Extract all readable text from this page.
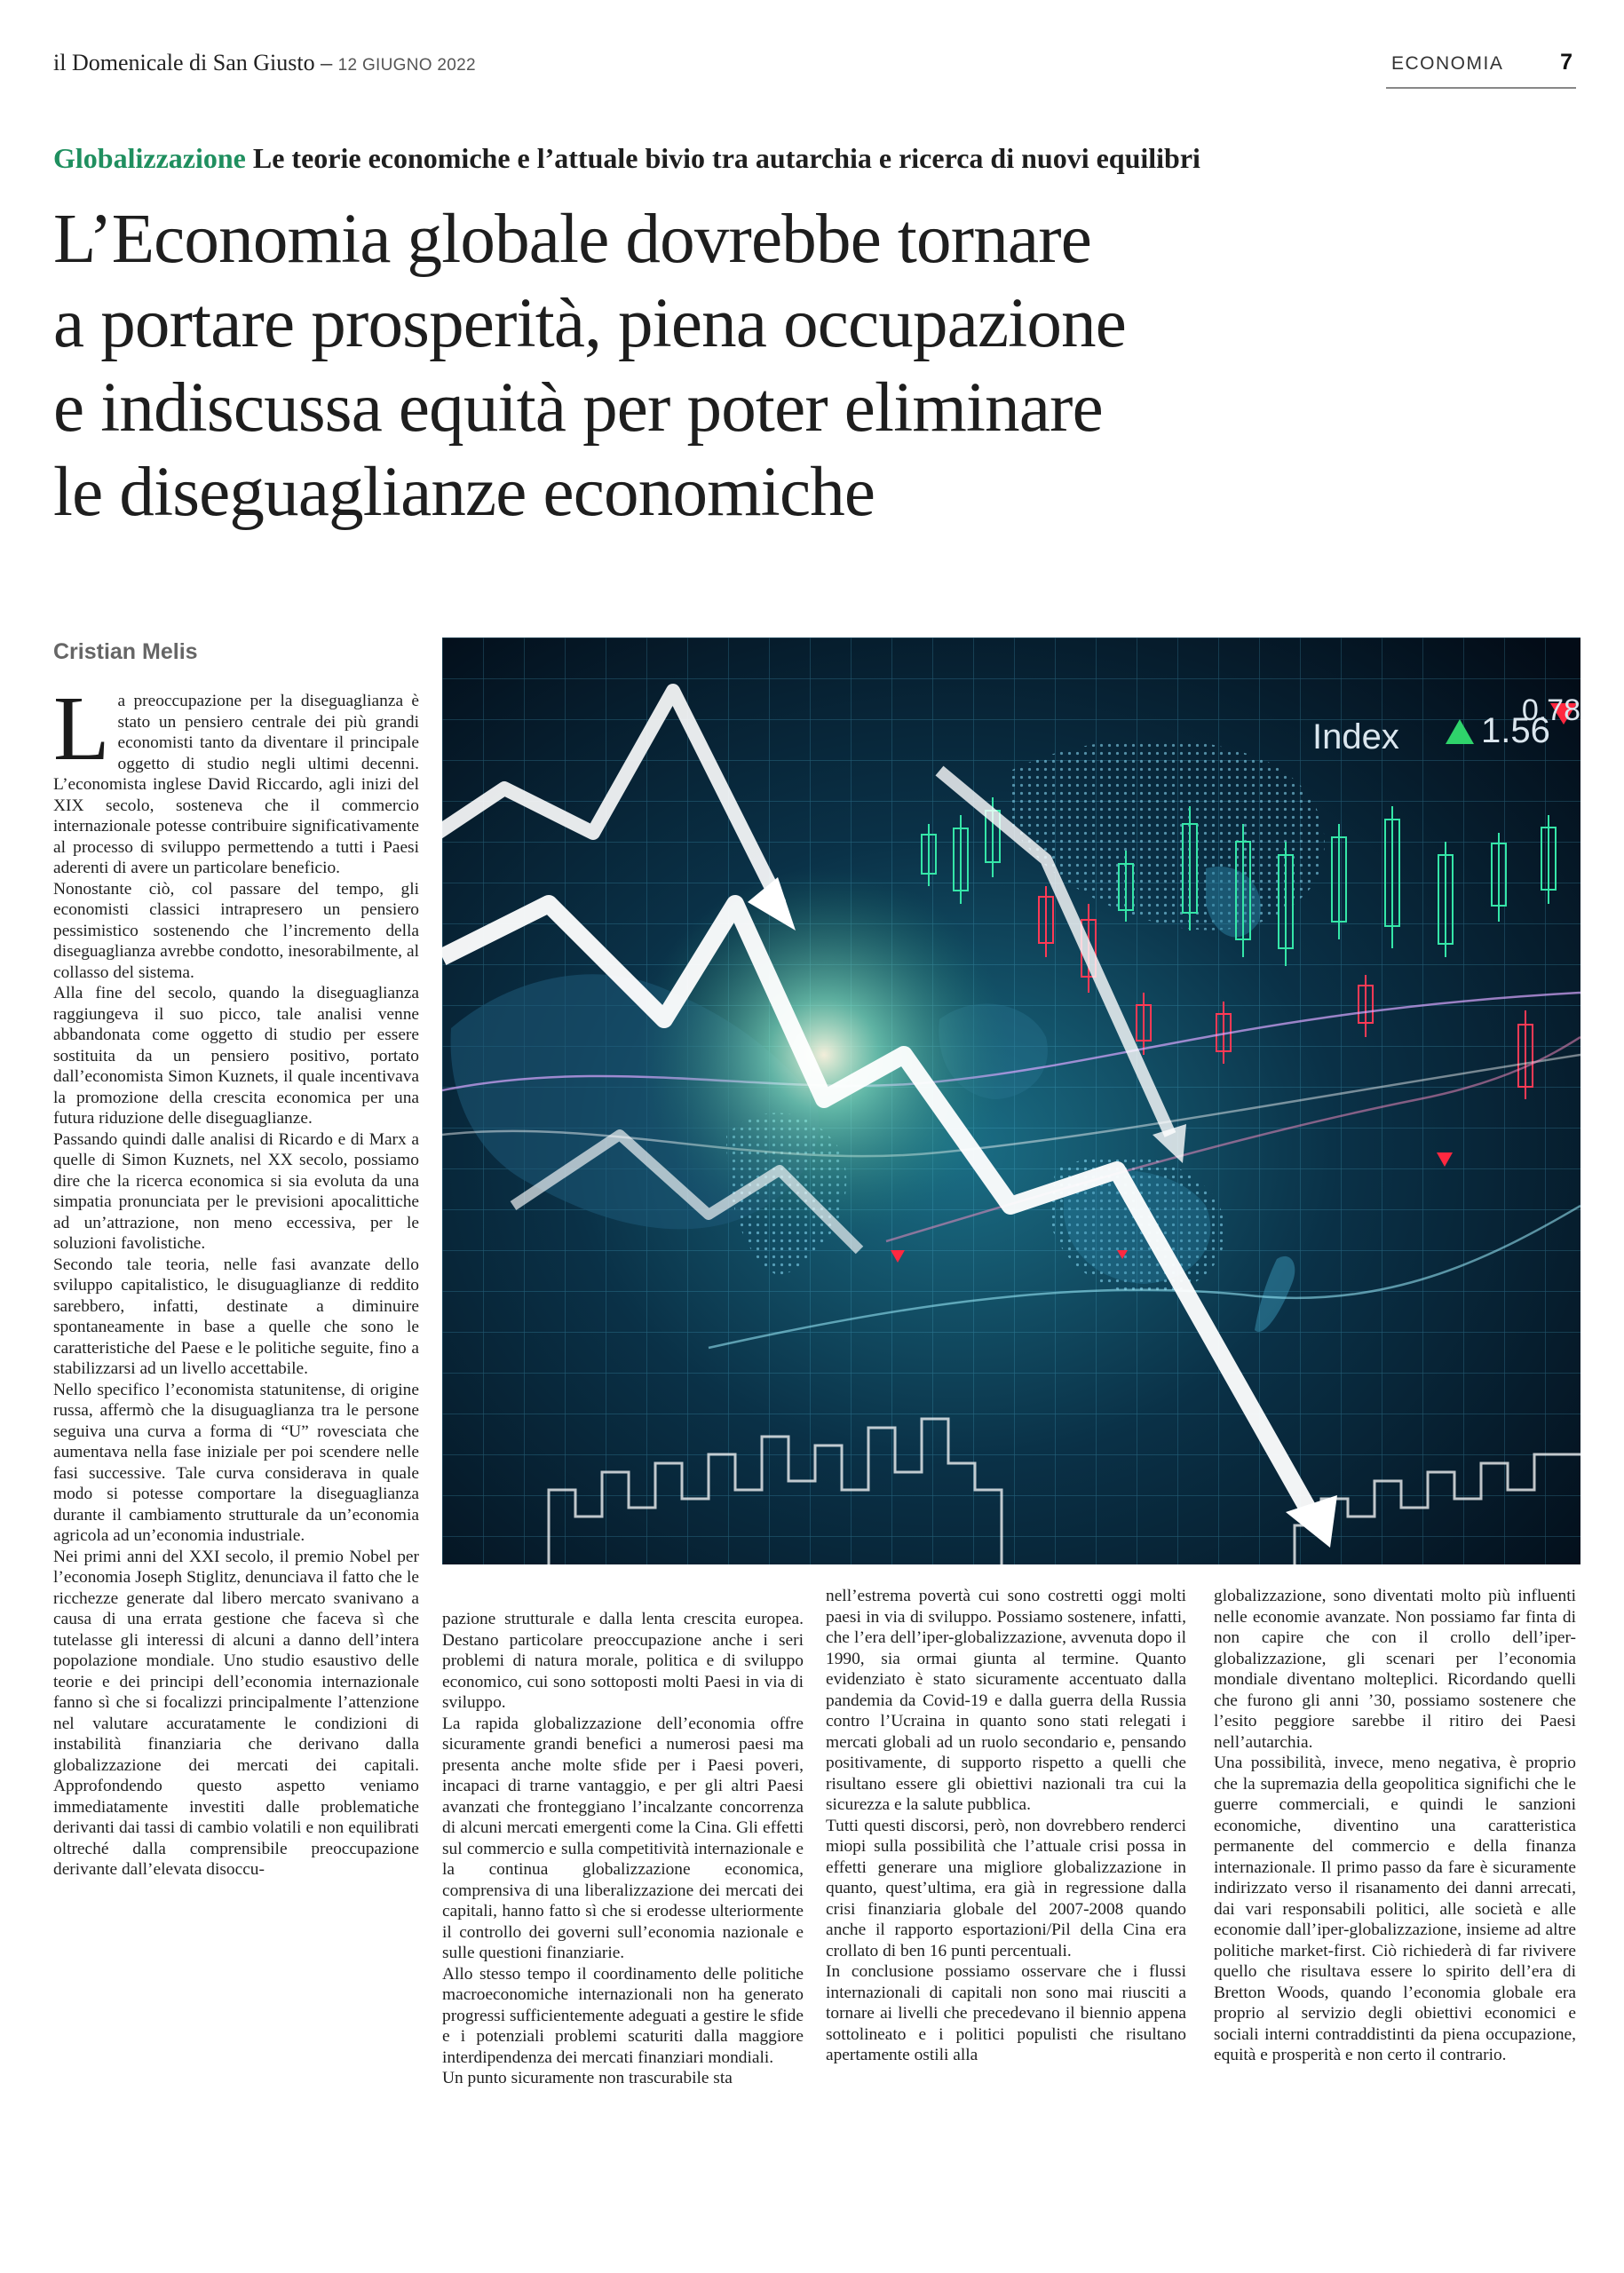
il Domenicale di San Giusto – 12 GIUGNO 2022	ECONOMIA	7
Globalizzazione Le teorie economiche e l’attuale bivio tra autarchia e ricerca di nuovi equilibri
L’Economia globale dovrebbe tornare
a portare prosperità, piena occupazione
e indiscussa equità per poter eliminare
le diseguaglianze economiche
Cristian Melis
Index 1.56
0.78

La preoccupazione per la diseguaglianza è stato un pensiero centrale dei più grandi economisti tanto da diventare il principale oggetto di studio negli ultimi decenni. L’economista inglese David Riccardo, agli inizi del XIX secolo, sosteneva che il commercio internazionale potesse contribuire significativamente al processo di sviluppo permettendo a tutti i Paesi aderenti di avere un particolare beneficio.

Nonostante ciò, col passare del tempo, gli economisti classici intrapresero un pensiero pessimistico sostenendo che l’incremento della diseguaglianza avrebbe condotto, inesorabilmente, al collasso del sistema.

Alla fine del secolo, quando la diseguaglianza raggiungeva il suo picco, tale analisi venne abbandonata come oggetto di studio per essere sostituita da un pensiero positivo, portato dall’economista Simon Kuznets, il quale incentivava la promozione della crescita economica per una futura riduzione delle diseguaglianze.

Passando quindi dalle analisi di Ricardo e di Marx a quelle di Simon Kuznets, nel XX secolo, possiamo dire che la ricerca economica si sia evoluta da una simpatia pronunciata per le previsioni apocalittiche ad un’attrazione, non meno eccessiva, per le soluzioni favolistiche.

Secondo tale teoria, nelle fasi avanzate dello sviluppo capitalistico, le disuguaglianze di reddito sarebbero, infatti, destinate a diminuire spontaneamente in base a quelle che sono le caratteristiche del Paese e le politiche seguite, fino a stabilizzarsi ad un livello accettabile.

Nello specifico l’economista statunitense, di origine russa, affermò che la disuguaglianza tra le persone seguiva una curva a forma di “U” rovesciata che aumentava nella fase iniziale per poi scendere nelle fasi successive. Tale curva considerava in quale modo si potesse comportare la diseguaglianza durante il cambiamento strutturale da un’economia agricola ad un’economia industriale.

Nei primi anni del XXI secolo, il premio Nobel per l’economia Joseph Stiglitz, denunciava il fatto che le ricchezze generate dal libero mercato svanivano a causa di una errata gestione che faceva sì che tutelasse gli interessi di alcuni a danno dell’intera popolazione mondiale. Uno studio esaustivo delle teorie e dei principi dell’economia internazionale fanno sì che si focalizzi principalmente l’attenzione nel valutare accuratamente le condizioni di instabilità finanziaria che derivano dalla globalizzazione dei mercati dei capitali. Approfondendo questo aspetto veniamo immediatamente investiti dalle problematiche derivanti dai tassi di cambio volatili e non equilibrati oltreché dalla comprensibile preoccupazione derivante dall’elevata disoccu-

pazione strutturale e dalla lenta crescita europea. Destano particolare preoccupazione anche i seri problemi di natura morale, politica e di sviluppo economico, cui sono sottoposti molti Paesi in via di sviluppo.

La rapida globalizzazione dell’economia offre sicuramente grandi benefici a numerosi paesi ma presenta anche molte sfide per i Paesi poveri, incapaci di trarne vantaggio, e per gli altri Paesi avanzati che fronteggiano l’incalzante concorrenza di alcuni mercati emergenti come la Cina. Gli effetti sul commercio e sulla competitività internazionale e la continua globalizzazione economica, comprensiva di una liberalizzazione dei mercati dei capitali, hanno fatto sì che si erodesse ulteriormente il controllo dei governi sull’economia nazionale e sulle questioni finanziarie.

Allo stesso tempo il coordinamento delle politiche macroeconomiche internazionali non ha generato progressi sufficientemente adeguati a gestire le sfide e i potenziali problemi scaturiti dalla maggiore interdipendenza dei mercati finanziari mondiali.

Un punto sicuramente non trascurabile sta

nell’estrema povertà cui sono costretti oggi molti paesi in via di sviluppo. Possiamo sostenere, infatti, che l’era dell’iper-globalizzazione, avvenuta dopo il 1990, sia ormai giunta al termine. Quanto evidenziato è stato sicuramente accentuato dalla pandemia da Covid-19 e dalla guerra della Russia contro l’Ucraina in quanto sono stati relegati i mercati globali ad un ruolo secondario e, pensando positivamente, di supporto rispetto a quelli che risultano essere gli obiettivi nazionali tra cui la sicurezza e la salute pubblica.

Tutti questi discorsi, però, non dovrebbero renderci miopi sulla possibilità che l’attuale crisi possa in effetti generare una migliore globalizzazione in quanto, quest’ultima, era già in regressione dalla crisi finanziaria globale del 2007-2008 quando anche il rapporto esportazioni/Pil della Cina era crollato di ben 16 punti percentuali.

In conclusione possiamo osservare che i flussi internazionali di capitali non sono mai riusciti a tornare ai livelli che precedevano il biennio appena sottolineato e i politici populisti che risultano apertamente ostili alla

globalizzazione, sono diventati molto più influenti nelle economie avanzate. Non possiamo far finta di non capire che con il crollo dell’iper-globalizzazione, gli scenari per l’economia mondiale diventano molteplici. Ricordando quelli che furono gli anni ’30, possiamo sostenere che l’esito peggiore sarebbe il ritiro dei Paesi nell’autarchia.

Una possibilità, invece, meno negativa, è proprio che la supremazia della geopolitica significhi che le guerre commerciali, e quindi le sanzioni economiche, diventino una caratteristica permanente del commercio e della finanza internazionale. Il primo passo da fare è sicuramente indirizzato verso il risanamento dei danni arrecati, dai vari responsabili politici, alle società e alle economie dall’iper-globalizzazione, insieme ad altre politiche market-first. Ciò richiederà di far rivivere quello che risultava essere lo spirito dell’era di Bretton Woods, quando l’economia globale era proprio al servizio degli obiettivi economici e sociali interni contraddistinti da piena occupazione, equità e prosperità e non certo il contrario.
